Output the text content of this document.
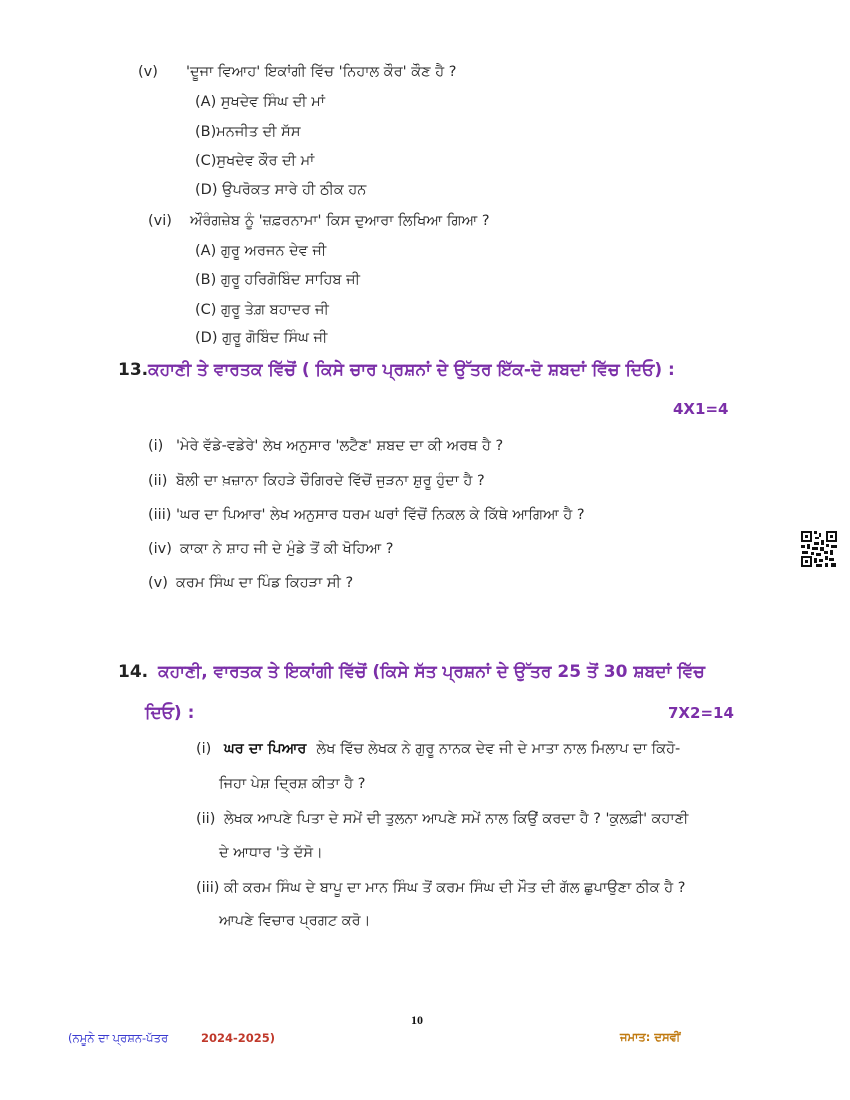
(v) 'ਦੂਜਾ ਵਿਆਹ' ਇਕਾਂਗੀ ਵਿੱਚ 'ਨਿਹਾਲ ਕੌਰ' ਕੌਣ ਹੈ ?
(A) ਸੁਖਦੇਵ ਸਿੰਘ ਦੀ ਮਾਂ
(B)ਮਨਜੀਤ ਦੀ ਸੱਸ
(C)ਸੁਖਦੇਵ ਕੌਰ ਦੀ ਮਾਂ
(D) ਉਪਰੋਕਤ ਸਾਰੇ ਹੀ ਠੀਕ ਹਨ
(vi) ਔਰੰਗਜ਼ੇਬ ਨੂੰ 'ਜ਼ਫ਼ਰਨਾਮਾ' ਕਿਸ ਦੁਆਰਾ ਲਿਖਿਆ ਗਿਆ ?
(A) ਗੁਰੂ ਅਰਜਨ ਦੇਵ ਜੀ
(B) ਗੁਰੂ ਹਰਿਗੋਬਿੰਦ ਸਾਹਿਬ ਜੀ
(C) ਗੁਰੂ ਤੇਗ਼ ਬਹਾਦਰ ਜੀ
(D) ਗੁਰੂ ਗੋਬਿੰਦ ਸਿੰਘ ਜੀ
13.ਕਹਾਣੀ ਤੇ ਵਾਰਤਕ ਵਿੱਚੋਂ ( ਕਿਸੇ ਚਾਰ ਪ੍ਰਸ਼ਨਾਂ ਦੇ ਉੱਤਰ ਇੱਕ-ਦੋ ਸ਼ਬਦਾਂ ਵਿੱਚ ਦਿਓ) :
4X1=4
(i) 'ਮੇਰੇ ਵੱਡੇ-ਵਡੇਰੇ' ਲੇਖ ਅਨੁਸਾਰ 'ਲਟੈਣ' ਸ਼ਬਦ ਦਾ ਕੀ ਅਰਥ ਹੈ ?
(ii) ਬੋਲੀ ਦਾ ਖ਼ਜ਼ਾਨਾ ਕਿਹੜੇ ਚੌਗਿਰਦੇ ਵਿੱਚੋਂ ਜੁੜਨਾ ਸ਼ੁਰੂ ਹੁੰਦਾ ਹੈ ?
(iii) 'ਘਰ ਦਾ ਪਿਆਰ' ਲੇਖ ਅਨੁਸਾਰ ਧਰਮ ਘਰਾਂ ਵਿੱਚੋਂ ਨਿਕਲ ਕੇ ਕਿੱਥੇ ਆਗਿਆ ਹੈ ?
(iv) ਕਾਕਾ ਨੇ ਸ਼ਾਹ ਜੀ ਦੇ ਮੁੰਡੇ ਤੋਂ ਕੀ ਖੋਹਿਆ ?
(v) ਕਰਮ ਸਿੰਘ ਦਾ ਪਿੰਡ ਕਿਹੜਾ ਸੀ ?
14. ਕਹਾਣੀ, ਵਾਰਤਕ ਤੇ ਇਕਾਂਗੀ ਵਿੱਚੋਂ (ਕਿਸੇ ਸੱਤ ਪ੍ਰਸ਼ਨਾਂ ਦੇ ਉੱਤਰ 25 ਤੋਂ 30 ਸ਼ਬਦਾਂ ਵਿੱਚ
ਦਿਓ) :	7X2=14
(i) ਘਰ ਦਾ ਪਿਆਰ ਲੇਖ ਵਿੱਚ ਲੇਖਕ ਨੇ ਗੁਰੂ ਨਾਨਕ ਦੇਵ ਜੀ ਦੇ ਮਾਤਾ ਨਾਲ ਮਿਲਾਪ ਦਾ ਕਿਹੋ-
ਜਿਹਾ ਪੇਸ਼ ਦ੍ਰਿਸ਼ ਕੀਤਾ ਹੈ ?
(ii) ਲੇਖਕ ਆਪਣੇ ਪਿਤਾ ਦੇ ਸਮੇਂ ਦੀ ਤੁਲਨਾ ਆਪਣੇ ਸਮੇਂ ਨਾਲ ਕਿਉਂ ਕਰਦਾ ਹੈ ? 'ਕੁਲਫ਼ੀ' ਕਹਾਣੀ
ਦੇ ਆਧਾਰ 'ਤੇ ਦੱਸੋ।
(iii) ਕੀ ਕਰਮ ਸਿੰਘ ਦੇ ਬਾਪੂ ਦਾ ਮਾਨ ਸਿੰਘ ਤੋਂ ਕਰਮ ਸਿੰਘ ਦੀ ਮੌਤ ਦੀ ਗੱਲ ਛੁਪਾਉਣਾ ਠੀਕ ਹੈ ?
ਆਪਣੇ ਵਿਚਾਰ ਪ੍ਰਗਟ ਕਰੋ।
10
(ਨਮੂਨੇ ਦਾ ਪ੍ਰਸ਼ਨ-ਪੱਤਰ	2024-2025)	ਜਮਾਤ: ਦਸਵੀਂ
